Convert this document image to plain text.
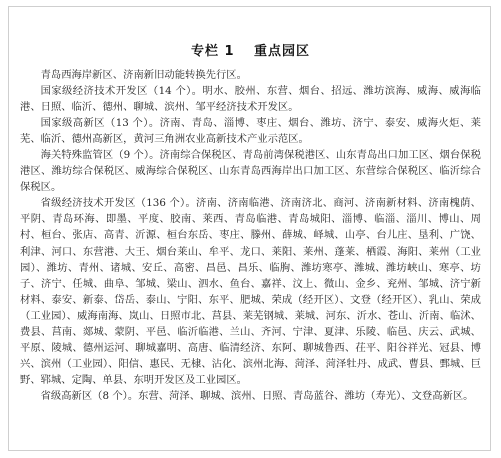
专栏 1　 重点园区

青岛西海岸新区、济南新旧动能转换先行区。

国家级经济技术开发区（14 个）。明水、胶州、东营、烟台、招远、潍坊滨海、威海、威海临港、日照、临沂、德州、聊城、滨州、邹平经济技术开发区。

国家级高新区（13 个）。济南、青岛、淄博、枣庄、烟台、潍坊、济宁、泰安、威海火炬、莱芜、临沂、德州高新区，黄河三角洲农业高新技术产业示范区。

海关特殊监管区（9 个）。济南综合保税区、青岛前湾保税港区、山东青岛出口加工区、烟台保税港区、潍坊综合保税区、威海综合保税区、山东青岛西海岸出口加工区、东营综合保税区、临沂综合保税区。

省级经济技术开发区（136 个）。济南、济南临港、济南济北、商河、济南新材料、济南槐荫、平阴、青岛环海、即墨、平度、胶南、莱西、青岛临港、青岛城阳、淄博、临淄、淄川、博山、周村、桓台、张店、高青、沂源、桓台东岳、枣庄、滕州、薛城、峄城、山亭、台儿庄、垦利、广饶、利津、河口、东营港、大王、烟台莱山、牟平、龙口、莱阳、莱州、蓬莱、栖霞、海阳、莱州（工业园）、潍坊、青州、诸城、安丘、高密、昌邑、昌乐、临朐、潍坊寒亭、潍城、潍坊峡山、寒亭、坊子、济宁、任城、曲阜、邹城、梁山、泗水、鱼台、嘉祥、汶上、微山、金乡、兖州、邹城、济宁新材料、泰安、新泰、岱岳、泰山、宁阳、东平、肥城、荣成（经开区）、文登（经开区）、乳山、荣成（工业园）、威海南海、岚山、日照市北、莒县、莱芜钢城、莱城、河东、沂水、苍山、沂南、临沭、费县、莒南、郯城、蒙阴、平邑、临沂临港、兰山、齐河、宁津、夏津、乐陵、临邑、庆云、武城、平原、陵城、德州运河、聊城嘉明、高唐、临清经济、东阿、聊城鲁西、茌平、阳谷祥光、冠县、博兴、滨州（工业园）、阳信、惠民、无棣、沾化、滨州北海、菏泽、菏泽牡丹、成武、曹县、鄄城、巨野、郓城、定陶、单县、东明开发区及工业园区。

省级高新区（8 个）。东营、菏泽、聊城、滨州、日照、青岛蓝谷、潍坊（寿光）、文登高新区。
